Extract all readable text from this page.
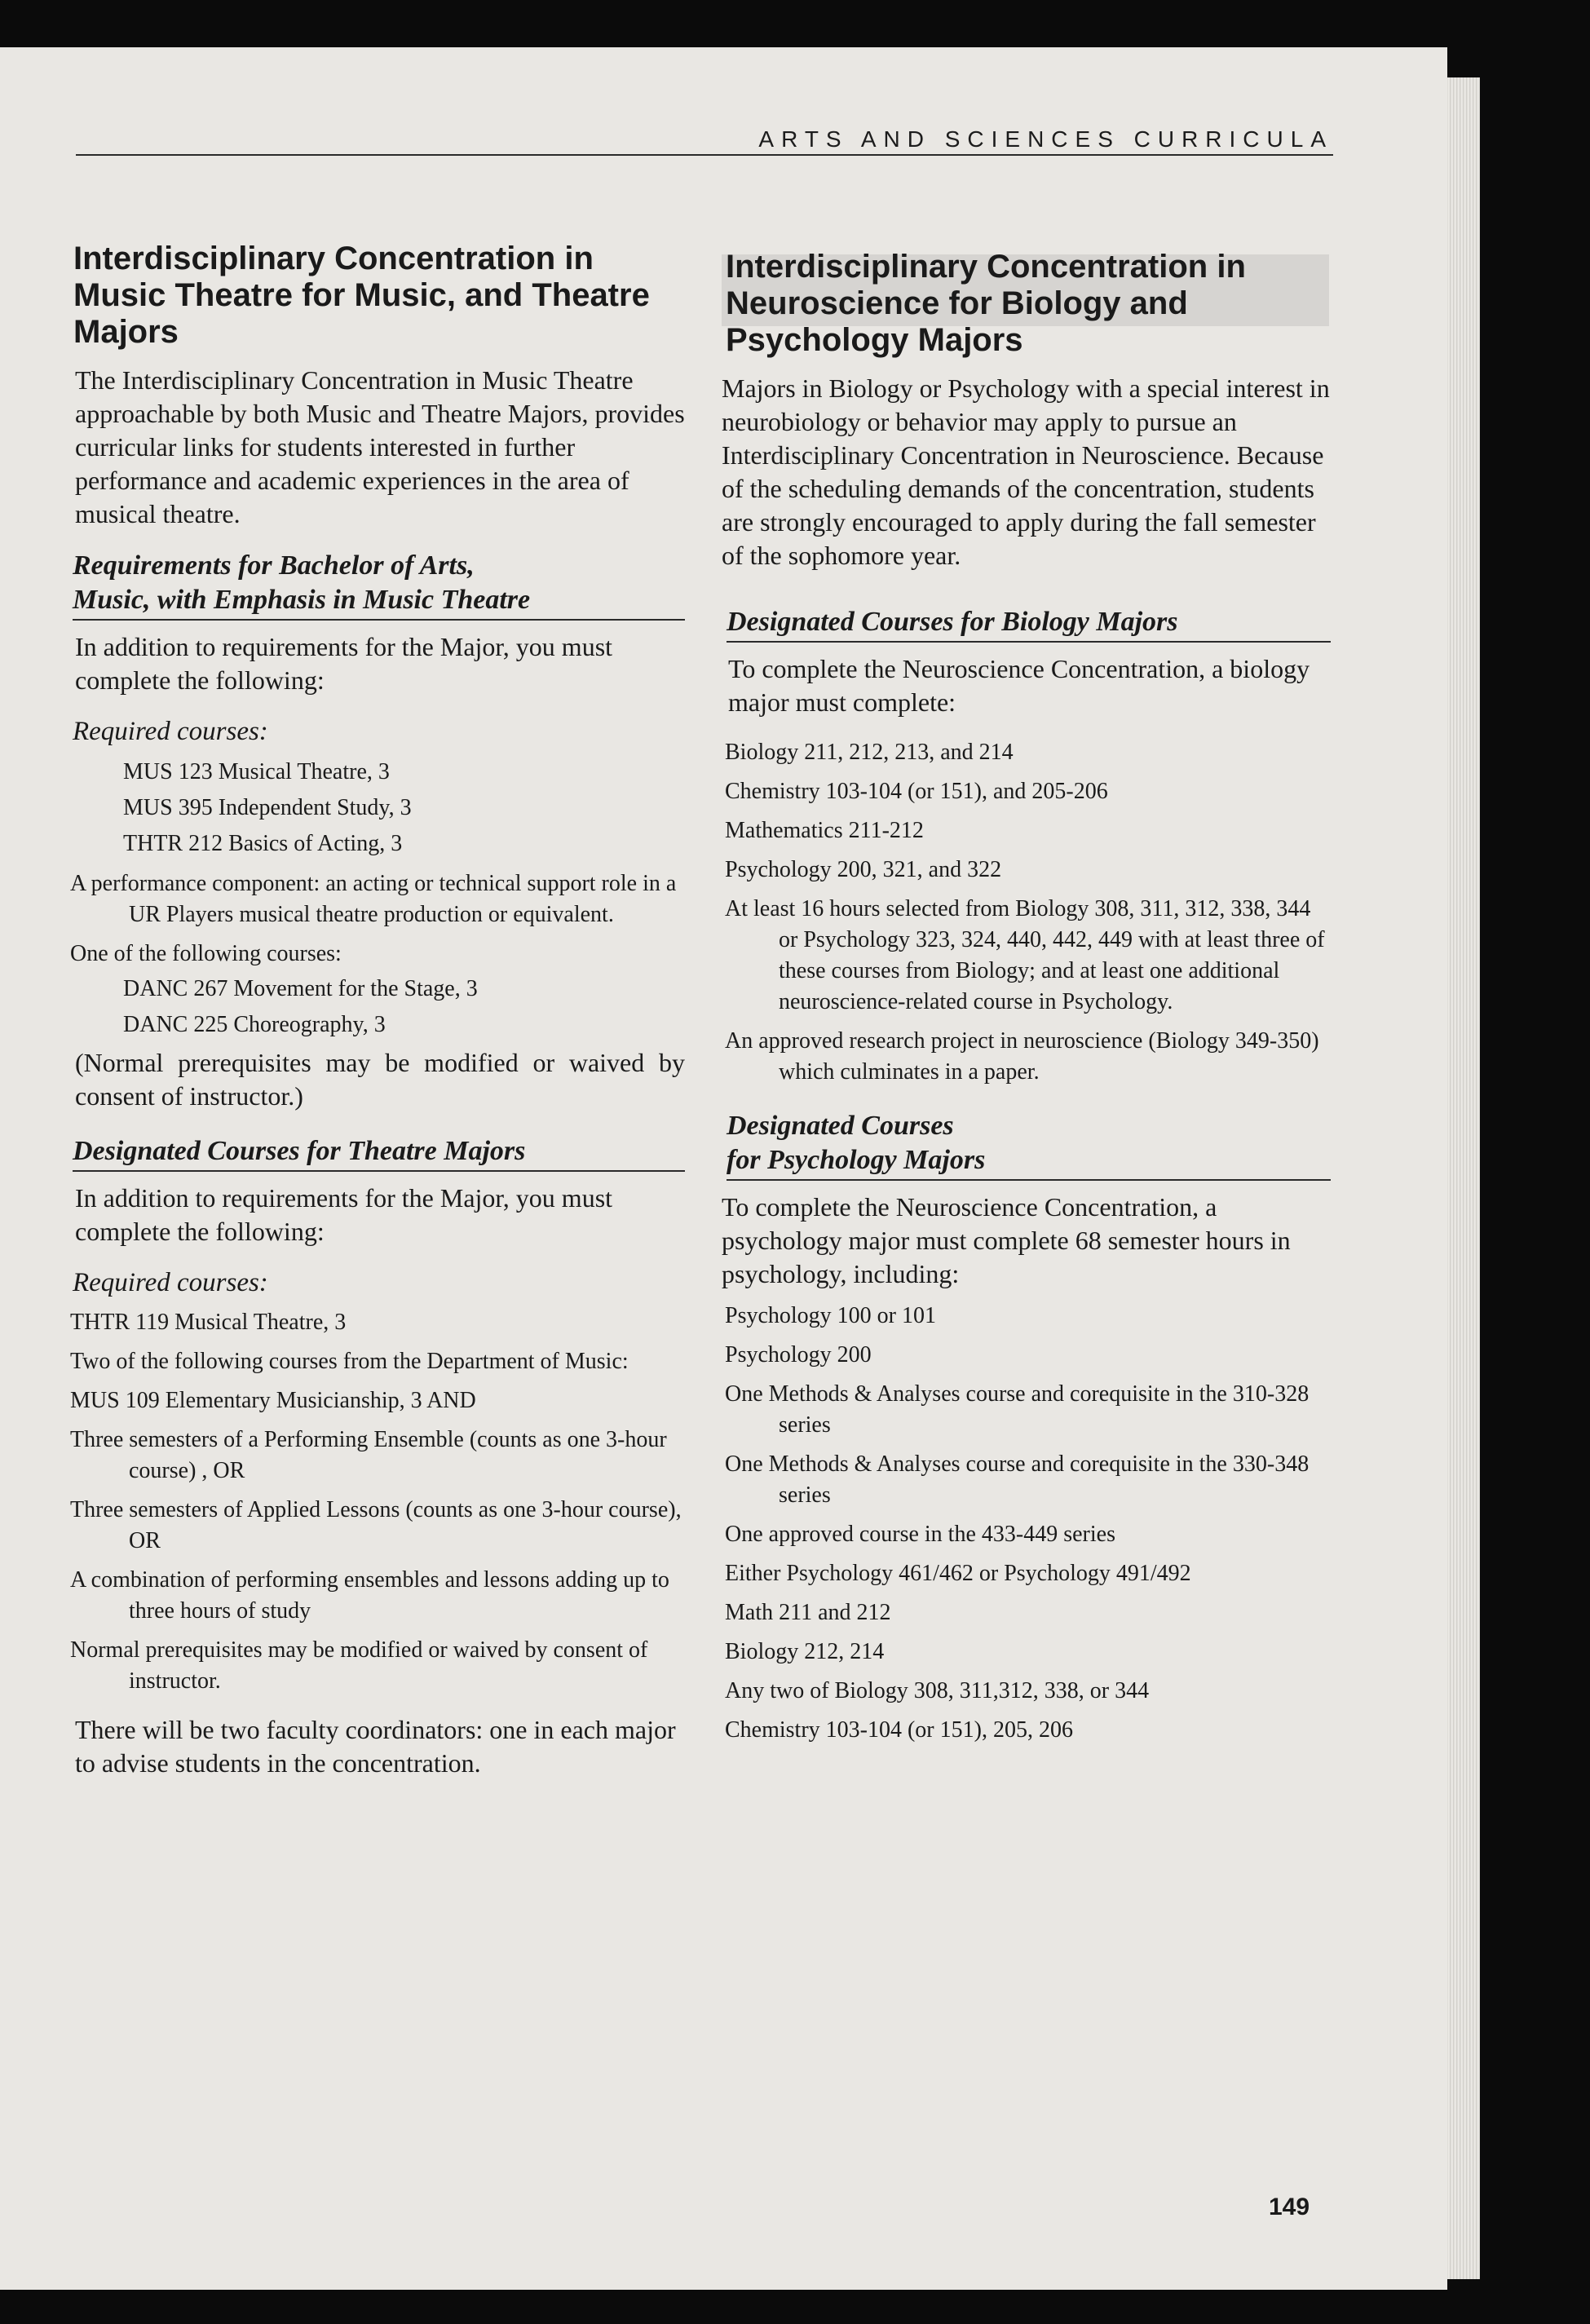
ARTS AND SCIENCES CURRICULA
Interdisciplinary Concentration in Music Theatre for Music, and Theatre Majors

The Interdisciplinary Concentration in Music Theatre approachable by both Music and Theatre Majors, provides curricular links for students interested in further performance and academic experiences in the area of musical theatre.

Requirements for Bachelor of Arts,
Music, with Emphasis in Music Theatre

In addition to requirements for the Major, you must complete the following:

Required courses:

MUS 123 Musical Theatre, 3
MUS 395 Independent Study, 3
THTR 212 Basics of Acting, 3
A performance component: an acting or technical support role in a UR Players musical theatre production or equivalent.
One of the following courses:
DANC 267 Movement for the Stage, 3
DANC 225 Choreography, 3

(Normal prerequisites may be modified or waived by consent of instructor.)

Designated Courses for Theatre Majors

In addition to requirements for the Major, you must complete the following:

Required courses:

THTR 119 Musical Theatre, 3
Two of the following courses from the Department of Music:
MUS 109 Elementary Musicianship, 3 AND
Three semesters of a Performing Ensemble (counts as one 3-hour course) , OR
Three semesters of Applied Lessons (counts as one 3-hour course), OR
A combination of performing ensembles and lessons adding up to three hours of study
Normal prerequisites may be modified or waived by consent of instructor.

There will be two faculty coordinators: one in each major to advise students in the concentration.

Interdisciplinary Concentration in Neuroscience for Biology and Psychology Majors

Majors in Biology or Psychology with a special interest in neurobiology or behavior may apply to pursue an Interdisciplinary Concentration in Neuroscience. Because of the scheduling demands of the concentration, students are strongly encouraged to apply during the fall semester of the sophomore year.

Designated Courses for Biology Majors

To complete the Neuroscience Concentration, a biology major must complete:

Biology 211, 212, 213, and 214
Chemistry 103-104 (or 151), and 205-206
Mathematics 211-212
Psychology 200, 321, and 322
At least 16 hours selected from Biology 308, 311, 312, 338, 344 or Psychology 323, 324, 440, 442, 449 with at least three of these courses from Biology; and at least one additional neuroscience-related course in Psychology.
An approved research project in neuroscience (Biology 349-350) which culminates in a paper.
Designated Courses
for Psychology Majors

To complete the Neuroscience Concentration, a psychology major must complete 68 semester hours in psychology, including:

Psychology 100 or 101
Psychology 200
One Methods & Analyses course and corequisite in the 310-328 series
One Methods & Analyses course and corequisite in the 330-348 series
One approved course in the 433-449 series
Either Psychology 461/462 or Psychology 491/492
Math 211 and 212
Biology 212, 214
Any two of Biology 308, 311,312, 338, or 344
Chemistry 103-104 (or 151), 205, 206
149
